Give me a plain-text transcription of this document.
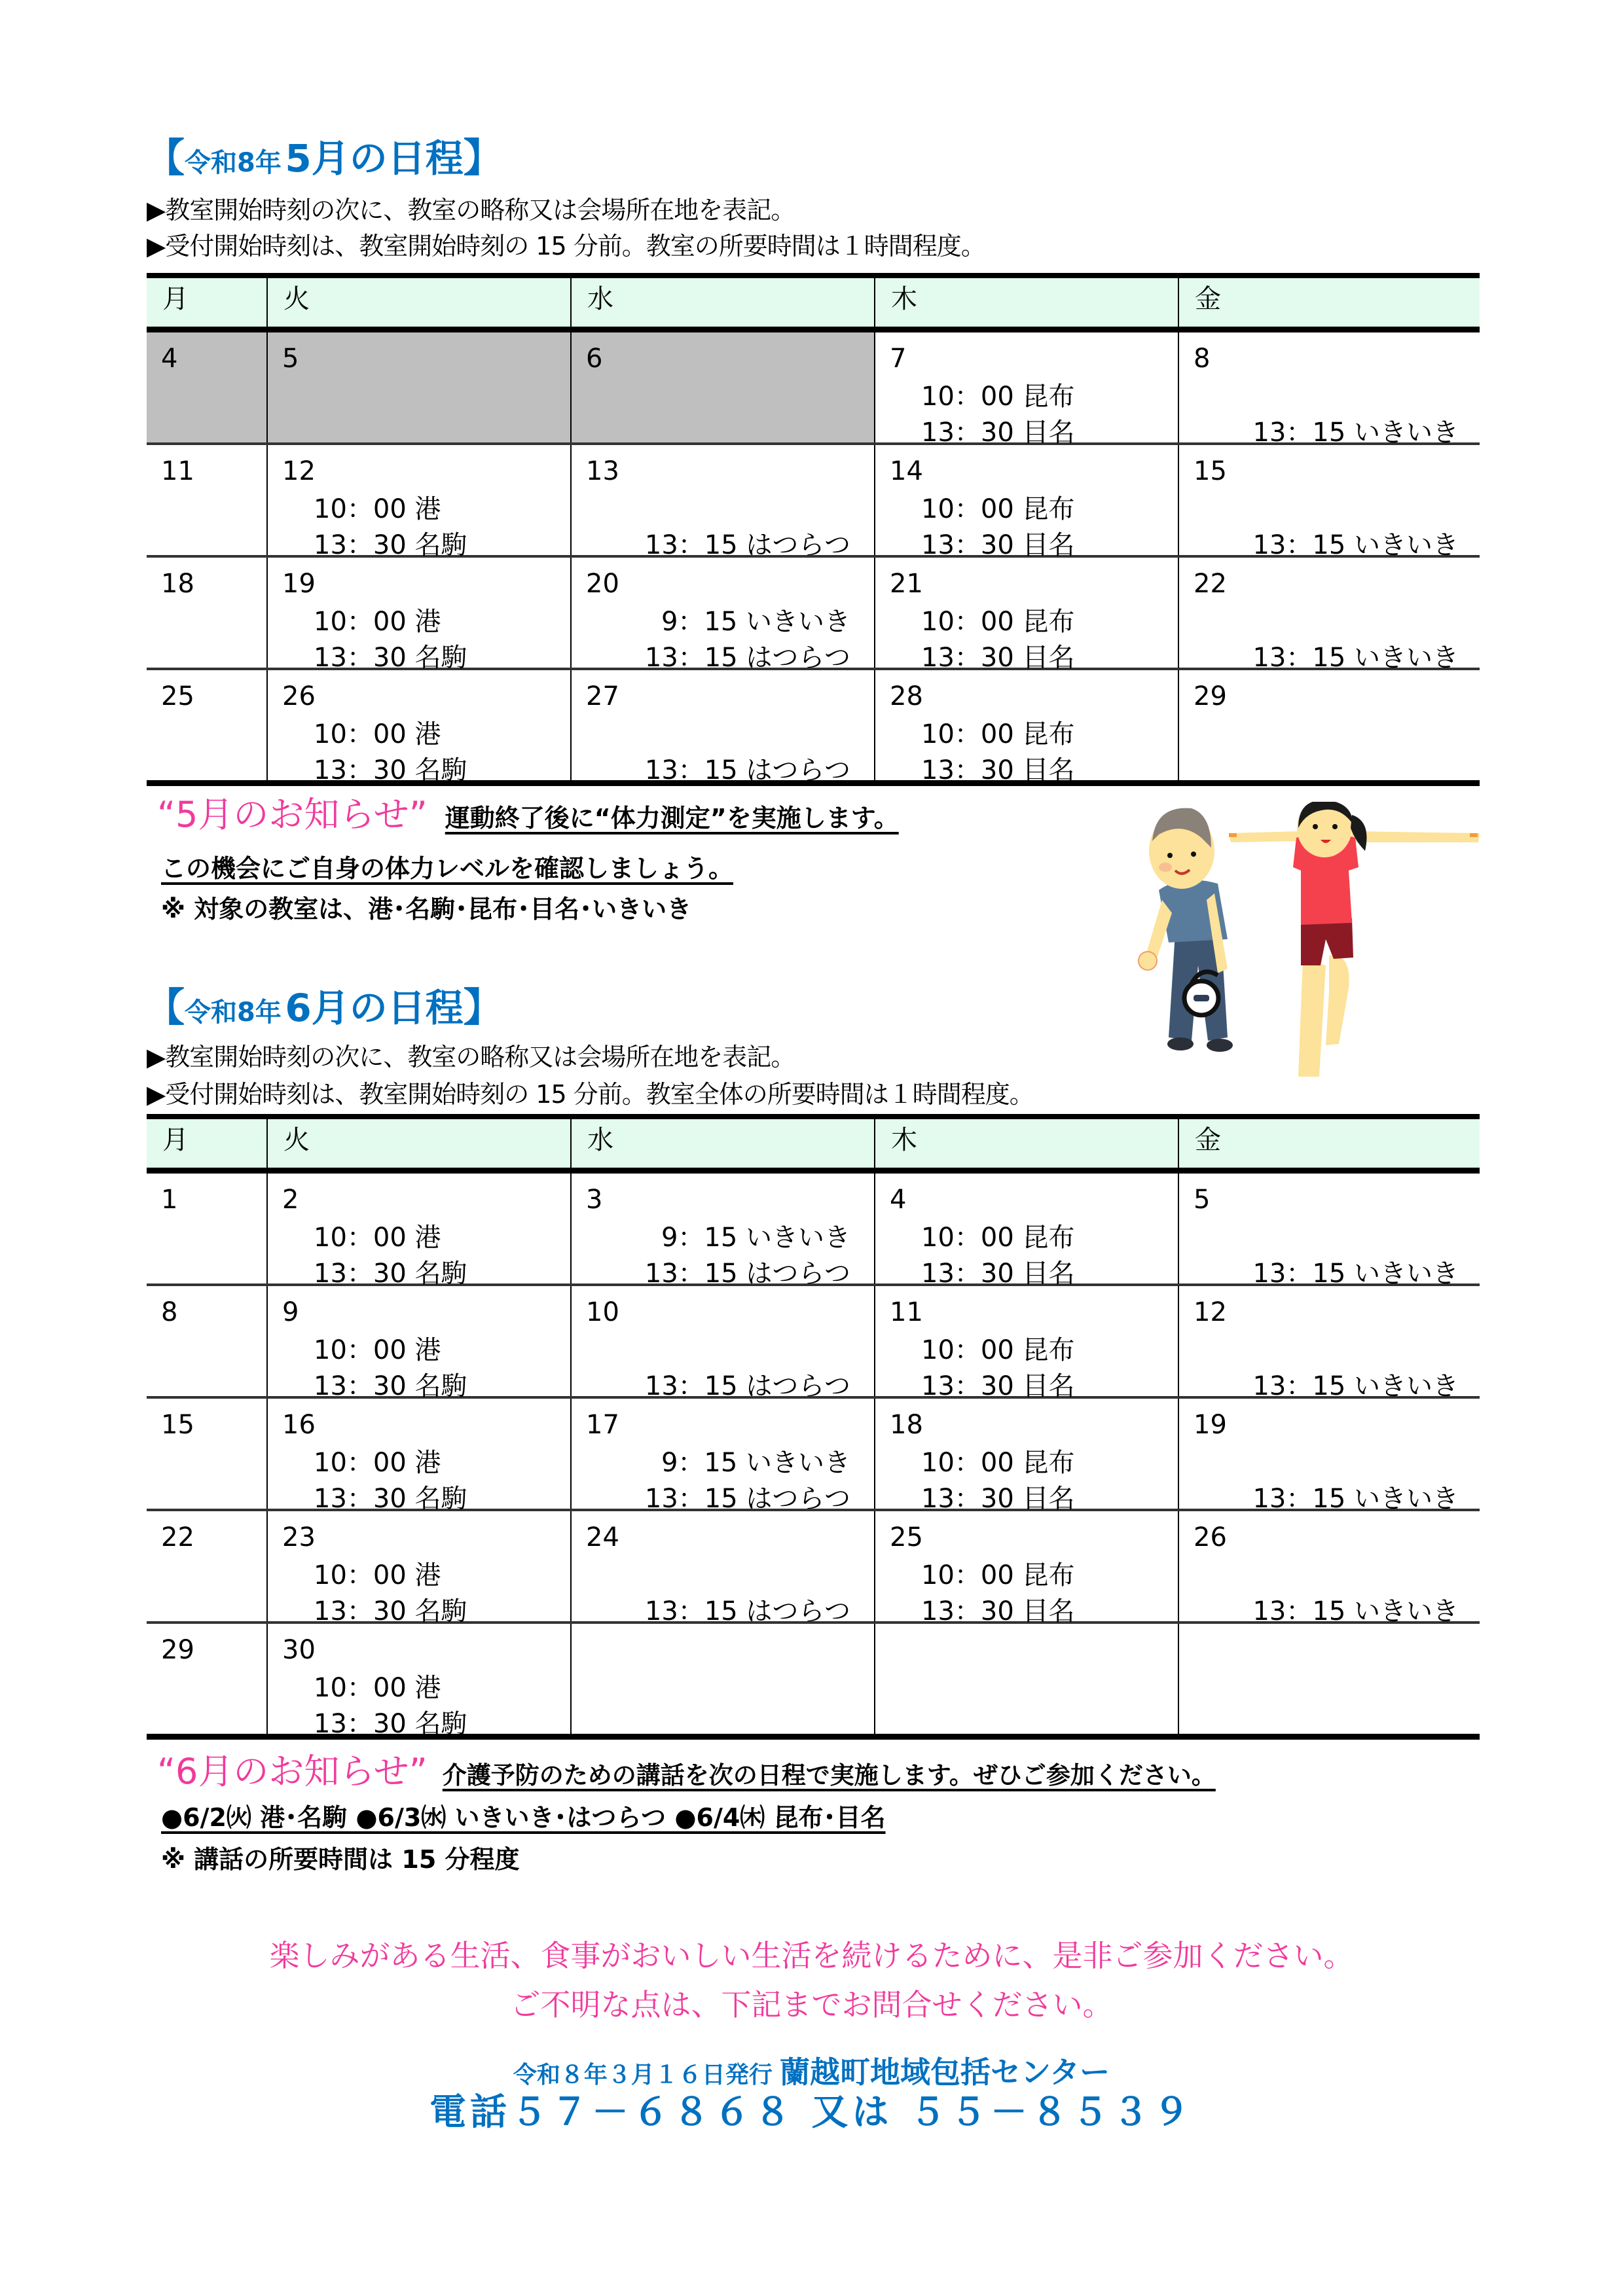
【令和8年 5月の日程】
▶教室開始時刻の次に、教室の略称又は会場所在地を表記。
▶受付開始時刻は、教室開始時刻の 15 分前。教室の所要時間は１時間程度。
月	火	水	木	金

4	5	6	7
10：00 昆布
13：30 目名	8
13：15 いきいき

11	12
10：00 港
13：30 名駒	13
13：15 はつらつ	14
10：00 昆布
13：30 目名	15
13：15 いきいき

18	19
10：00 港
13：30 名駒	20
9：15 いきいき
13：15 はつらつ	21
10：00 昆布
13：30 目名	22
13：15 いきいき

25	26
10：00 港
13：30 名駒	27
13：15 はつらつ	28
10：00 昆布
13：30 目名	29
“5月のお知らせ” 運動終了後に“体力測定”を実施します。
この機会にご自身の体力レベルを確認しましょう。
※ 対象の教室は、港･名駒･昆布･目名･いきいき
【令和8年 6月の日程】
▶教室開始時刻の次に、教室の略称又は会場所在地を表記。
▶受付開始時刻は、教室開始時刻の 15 分前。教室全体の所要時間は１時間程度。
月	火	水	木	金

1	2
10：00 港
13：30 名駒	3
9：15 いきいき
13：15 はつらつ	4
10：00 昆布
13：30 目名	5
13：15 いきいき

8	9
10：00 港
13：30 名駒	10
13：15 はつらつ	11
10：00 昆布
13：30 目名	12
13：15 いきいき

15	16
10：00 港
13：30 名駒	17
9：15 いきいき
13：15 はつらつ	18
10：00 昆布
13：30 目名	19
13：15 いきいき

22	23
10：00 港
13：30 名駒	24
13：15 はつらつ	25
10：00 昆布
13：30 目名	26
13：15 いきいき

29	30
10：00 港
13：30 名駒			

“6月のお知らせ” 介護予防のための講話を次の日程で実施します。ぜひご参加ください。
●6/2㈫ 港･名駒 ●6/3㈬ いきいき･はつらつ ●6/4㈭ 昆布･目名
※ 講話の所要時間は 15 分程度
楽しみがある生活、食事がおいしい生活を続けるために、是非ご参加ください。
ご不明な点は、下記までお問合せください。
令和８年３月１６日発行 蘭越町地域包括センター
電話５７－６８６８ 又は ５５－８５３９
